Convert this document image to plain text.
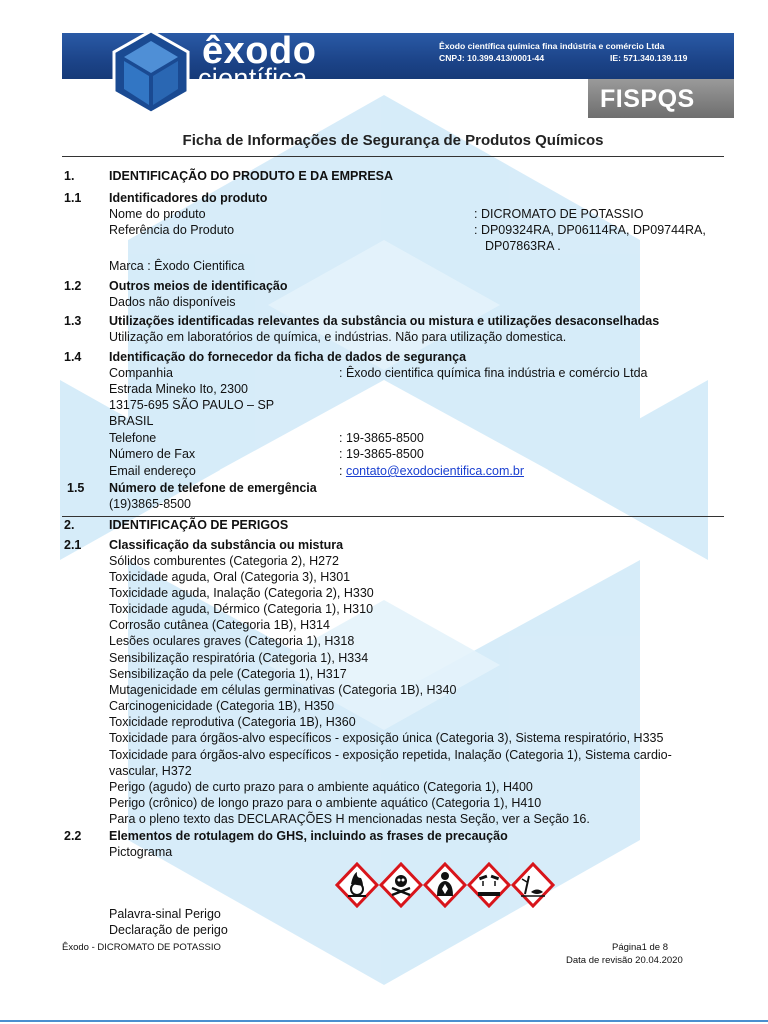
Êxodo científica química fina indústria e comércio Ltda
CNPJ: 10.399.413/0001-44	IE: 571.340.139.119
êxodo
científica
FISPQS
Ficha de Informações de Segurança de Produtos Químicos
1.	IDENTIFICAÇÃO DO PRODUTO E DA EMPRESA
1.1 Identificadores do produto
Nome do produto	: DICROMATO DE POTASSIO
Referência do Produto	: DP09324RA, DP06114RA, DP09744RA,
DP07863RA .
Marca : Êxodo Cientifica
1.2 Outros meios de identificação
Dados não disponíveis
1.3 Utilizações identificadas relevantes da substância ou mistura e utilizações desaconselhadas
Utilização em laboratórios de química, e indústrias. Não para utilização domestica.
1.4 Identificação do fornecedor da ficha de dados de segurança
Companhia	: Êxodo cientifica química fina indústria e comércio Ltda
Estrada Mineko Ito, 2300
13175-695 SÃO PAULO – SP
BRASIL
Telefone	: 19-3865-8500
Número de Fax	: 19-3865-8500
Email endereço	: contato@exodocientifica.com.br
1.5 Número de telefone de emergência
(19)3865-8500
2.	IDENTIFICAÇÃO DE PERIGOS
2.1 Classificação da substância ou mistura
Sólidos comburentes (Categoria 2), H272
Toxicidade aguda, Oral (Categoria 3), H301
Toxicidade aguda, Inalação (Categoria 2), H330
Toxicidade aguda, Dérmico (Categoria 1), H310
Corrosão cutânea (Categoria 1B), H314
Lesões oculares graves (Categoria 1), H318
Sensibilização respiratória (Categoria 1), H334
Sensibilização da pele (Categoria 1), H317
Mutagenicidade em células germinativas (Categoria 1B), H340
Carcinogenicidade (Categoria 1B), H350
Toxicidade reprodutiva (Categoria 1B), H360
Toxicidade para órgãos-alvo específicos - exposição única (Categoria 3), Sistema respiratório, H335
Toxicidade para órgãos-alvo específicos - exposição repetida, Inalação (Categoria 1), Sistema cardio-
vascular, H372
Perigo (agudo) de curto prazo para o ambiente aquático (Categoria 1), H400
Perigo (crônico) de longo prazo para o ambiente aquático (Categoria 1), H410
Para o pleno texto das DECLARAÇÕES H mencionadas nesta Seção, ver a Seção 16.
2.2 Elementos de rotulagem do GHS, incluindo as frases de precaução
Pictograma
Palavra-sinal Perigo
Declaração de perigo
Êxodo - DICROMATO DE POTASSIO	Página1 de 8
Data de revisão 20.04.2020
